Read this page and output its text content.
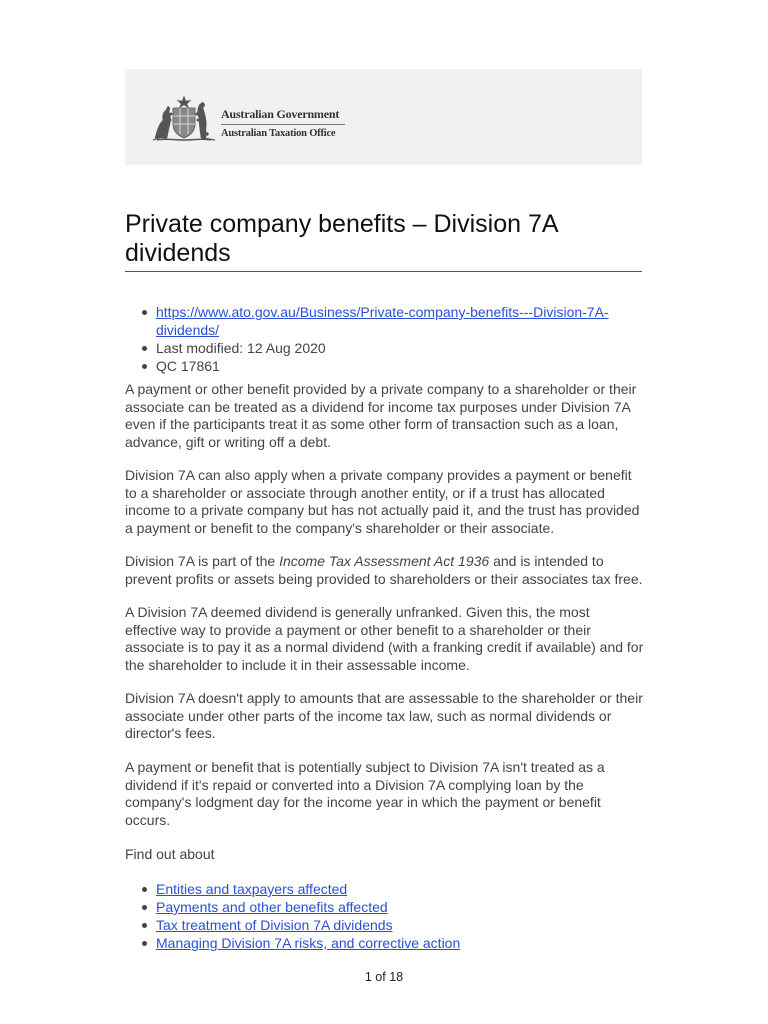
Australian Government
Australian Taxation Office
Private company benefits – Division 7A dividends
https://www.ato.gov.au/Business/Private-company-benefits---Division-7A-dividends/
Last modified: 12 Aug 2020
QC 17861

A payment or other benefit provided by a private company to a shareholder or their associate can be treated as a dividend for income tax purposes under Division 7A even if the participants treat it as some other form of transaction such as a loan, advance, gift or writing off a debt.

Division 7A can also apply when a private company provides a payment or benefit to a shareholder or associate through another entity, or if a trust has allocated income to a private company but has not actually paid it, and the trust has provided a payment or benefit to the company's shareholder or their associate.

Division 7A is part of the Income Tax Assessment Act 1936 and is intended to prevent profits or assets being provided to shareholders or their associates tax free.

A Division 7A deemed dividend is generally unfranked. Given this, the most effective way to provide a payment or other benefit to a shareholder or their associate is to pay it as a normal dividend (with a franking credit if available) and for the shareholder to include it in their assessable income.

Division 7A doesn't apply to amounts that are assessable to the shareholder or their associate under other parts of the income tax law, such as normal dividends or director's fees.

A payment or benefit that is potentially subject to Division 7A isn't treated as a dividend if it's repaid or converted into a Division 7A complying loan by the company's lodgment day for the income year in which the payment or benefit occurs.

Find out about

Entities and taxpayers affected
Payments and other benefits affected
Tax treatment of Division 7A dividends
Managing Division 7A risks, and corrective action
1 of 18
